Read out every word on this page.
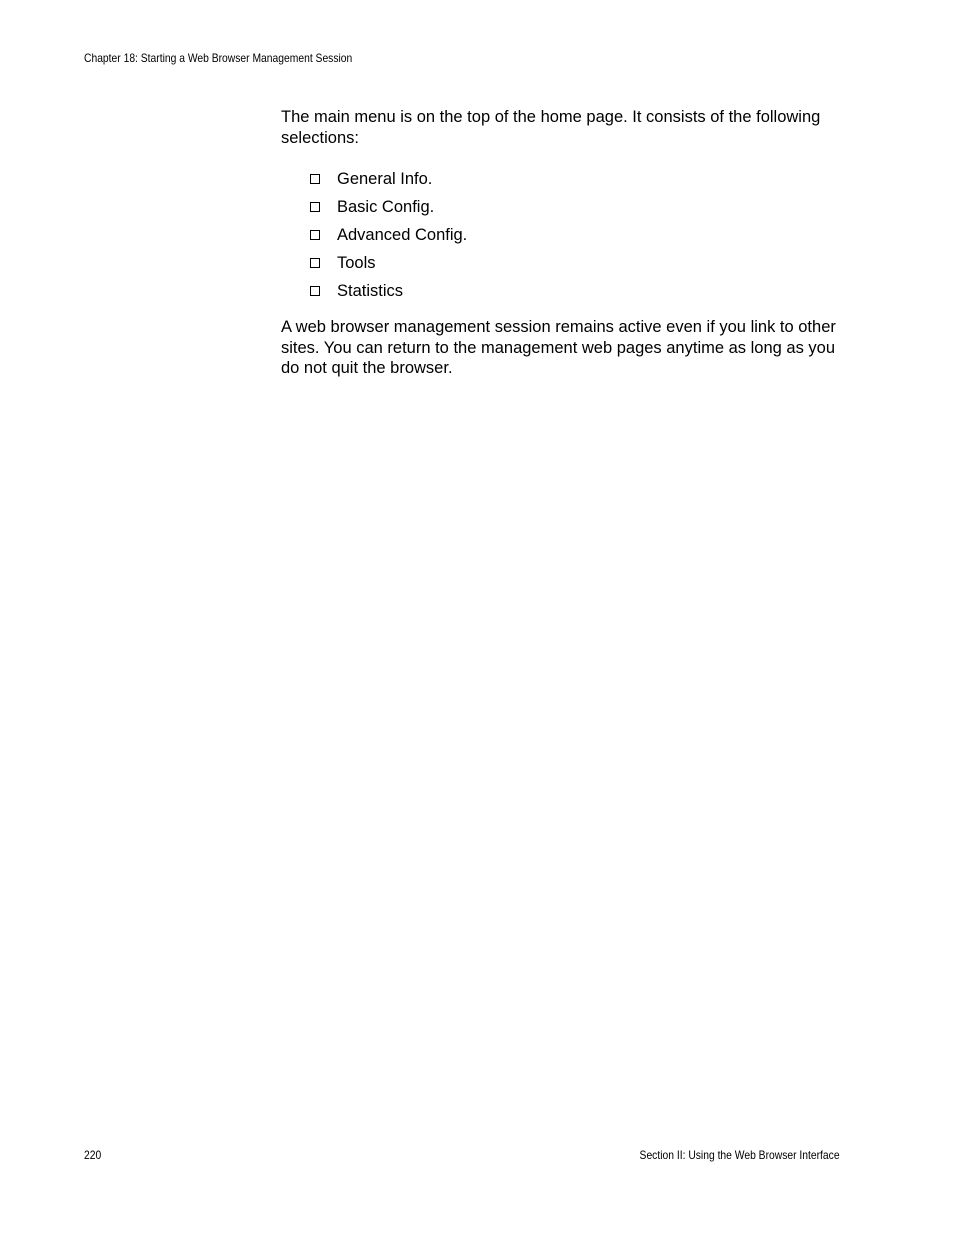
Chapter 18: Starting a Web Browser Management Session

The main menu is on the top of the home page. It consists of the following selections:

General Info.
Basic Config.
Advanced Config.
Tools
Statistics

A web browser management session remains active even if you link to other sites. You can return to the management web pages anytime as long as you do not quit the browser.

220	Section II: Using the Web Browser Interface
